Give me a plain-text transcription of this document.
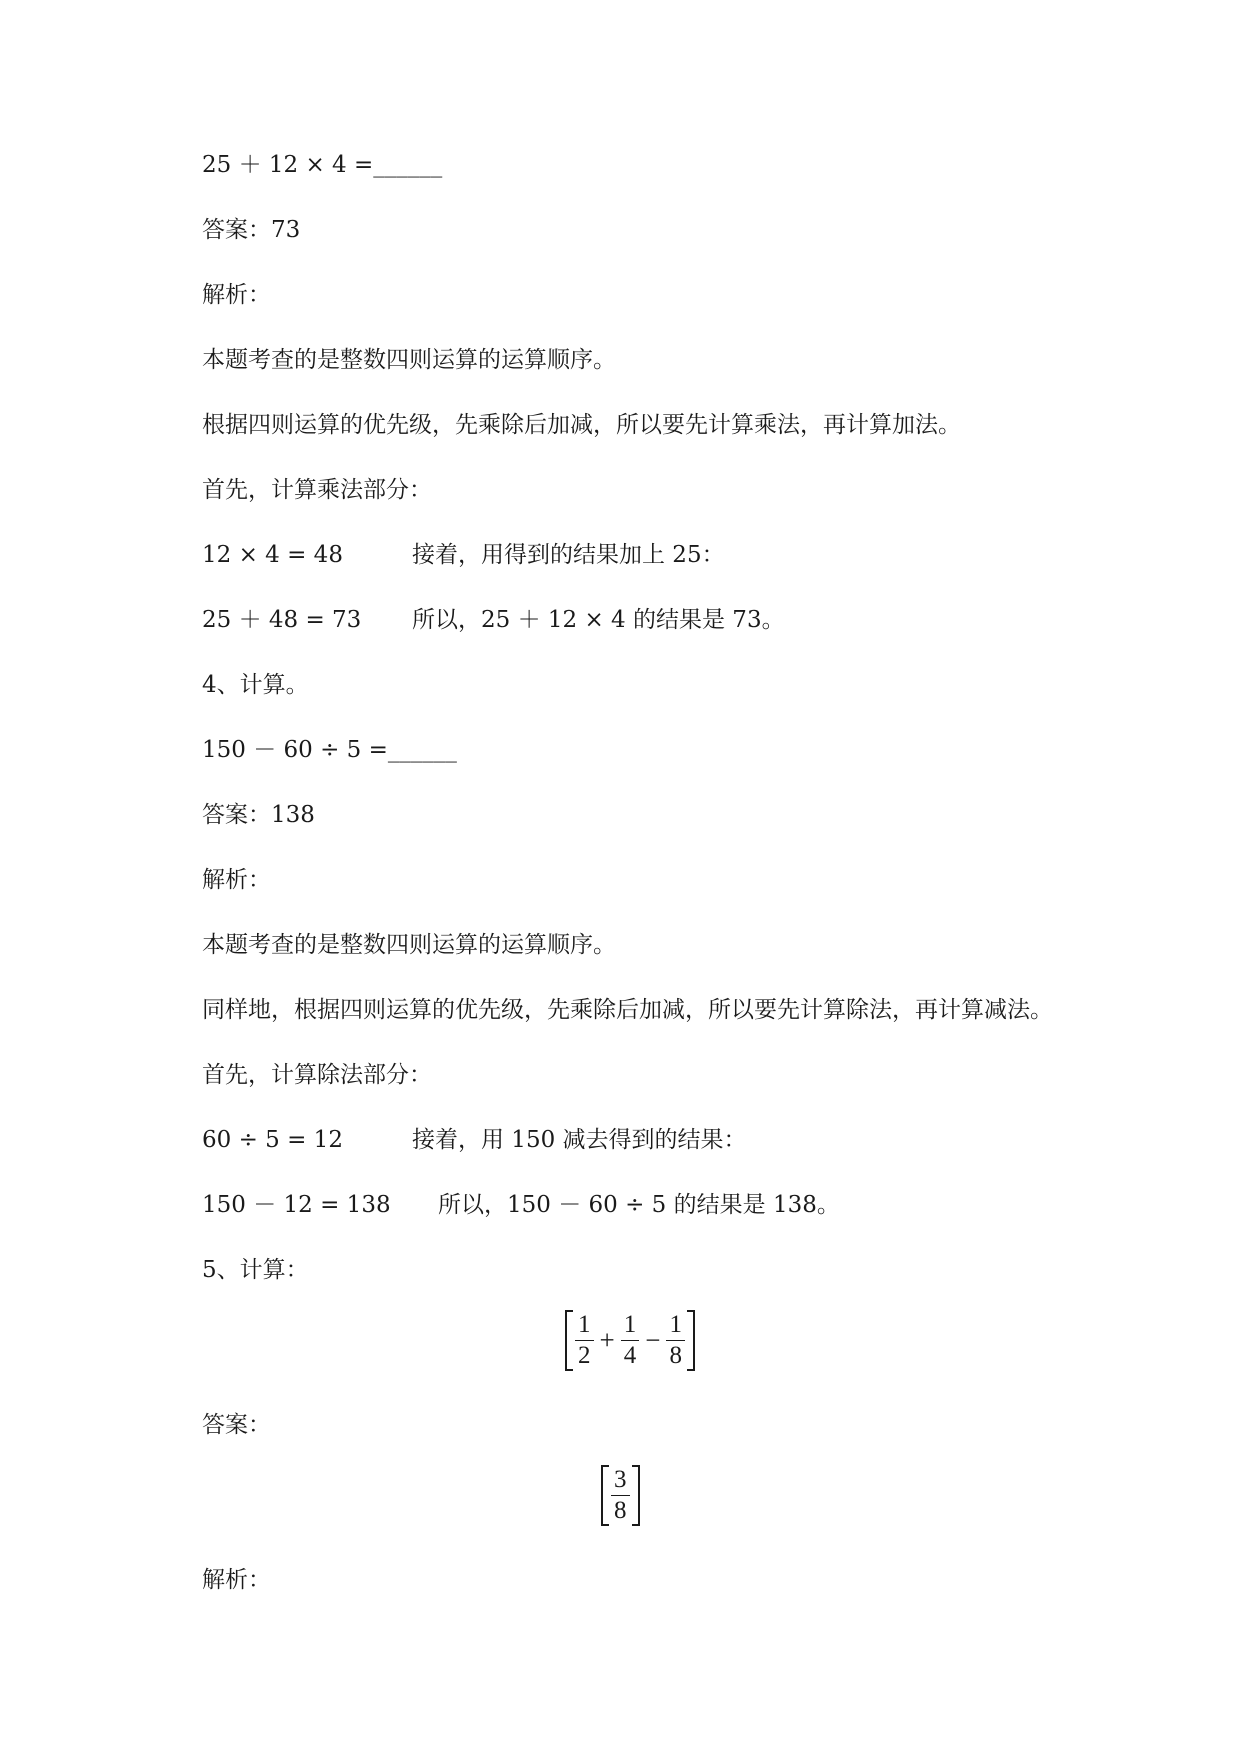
25 ＋ 12 × 4 =______
答案：73
解析：
本题考查的是整数四则运算的运算顺序。
根据四则运算的优先级，先乘除后加减，所以要先计算乘法，再计算加法。
首先，计算乘法部分：
12 × 4 = 48	接着，用得到的结果加上 25：
25 ＋ 48 = 73 所以，25 ＋ 12 × 4 的结果是 73。
4、计算。
150 － 60 ÷ 5 =______
答案：138
解析：
本题考查的是整数四则运算的运算顺序。
同样地，根据四则运算的优先级，先乘除后加减，所以要先计算除法，再计算减法。
首先，计算除法部分：
60 ÷ 5 = 12	接着，用 150 减去得到的结果：
150 － 12 = 138 所以，150 － 60 ÷ 5 的结果是 138。
5、计算：
$\frac{1}{2} + \frac{1}{4} - \frac{1}{8}$
答案：
$\frac{3}{8}$
解析：
